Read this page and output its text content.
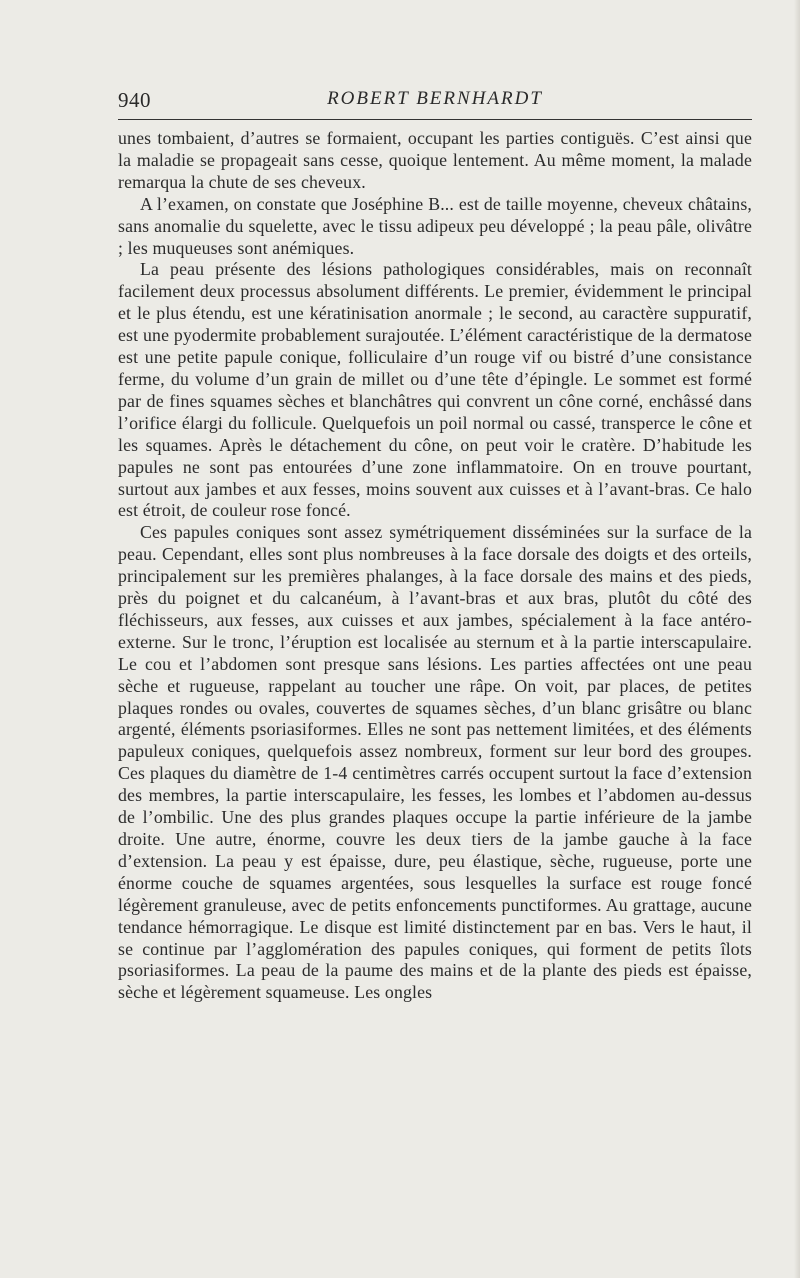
940	ROBERT BERNHARDT

unes tombaient, d’autres se formaient, occupant les parties contiguës. C’est ainsi que la maladie se propageait sans cesse, quoique lentement. Au même moment, la malade remarqua la chute de ses cheveux.

A l’examen, on constate que Joséphine B... est de taille moyenne, cheveux châtains, sans anomalie du squelette, avec le tissu adipeux peu développé ; la peau pâle, olivâtre ; les muqueuses sont anémiques.

La peau présente des lésions pathologiques considérables, mais on reconnaît facilement deux processus absolument différents. Le premier, évidemment le principal et le plus étendu, est une kératinisation anormale ; le second, au caractère suppuratif, est une pyodermite probablement surajoutée. L’élément caractéristique de la dermatose est une petite papule conique, folliculaire d’un rouge vif ou bistré d’une consistance ferme, du volume d’un grain de millet ou d’une tête d’épingle. Le sommet est formé par de fines squames sèches et blanchâtres qui convrent un cône corné, enchâssé dans l’orifice élargi du follicule. Quelquefois un poil normal ou cassé, transperce le cône et les squames. Après le détachement du cône, on peut voir le cratère. D’habitude les papules ne sont pas entourées d’une zone inflammatoire. On en trouve pourtant, surtout aux jambes et aux fesses, moins souvent aux cuisses et à l’avant-bras. Ce halo est étroit, de couleur rose foncé.

Ces papules coniques sont assez symétriquement disséminées sur la surface de la peau. Cependant, elles sont plus nombreuses à la face dorsale des doigts et des orteils, principalement sur les premières phalanges, à la face dorsale des mains et des pieds, près du poignet et du calcanéum, à l’avant-bras et aux bras, plutôt du côté des fléchisseurs, aux fesses, aux cuisses et aux jambes, spécialement à la face antéro-externe. Sur le tronc, l’éruption est localisée au sternum et à la partie interscapulaire. Le cou et l’abdomen sont presque sans lésions. Les parties affectées ont une peau sèche et rugueuse, rappelant au toucher une râpe. On voit, par places, de petites plaques rondes ou ovales, couvertes de squames sèches, d’un blanc grisâtre ou blanc argenté, éléments psoriasiformes. Elles ne sont pas nettement limitées, et des éléments papuleux coniques, quelquefois assez nombreux, forment sur leur bord des groupes. Ces plaques du diamètre de 1-4 centimètres carrés occupent surtout la face d’extension des membres, la partie interscapulaire, les fesses, les lombes et l’abdomen au-dessus de l’ombilic. Une des plus grandes plaques occupe la partie inférieure de la jambe droite. Une autre, énorme, couvre les deux tiers de la jambe gauche à la face d’extension. La peau y est épaisse, dure, peu élastique, sèche, rugueuse, porte une énorme couche de squames argentées, sous lesquelles la surface est rouge foncé légèrement granuleuse, avec de petits enfoncements punctiformes. Au grattage, aucune tendance hémorragique. Le disque est limité distinctement par en bas. Vers le haut, il se continue par l’agglomération des papules coniques, qui forment de petits îlots psoriasiformes. La peau de la paume des mains et de la plante des pieds est épaisse, sèche et légèrement squameuse. Les ongles
